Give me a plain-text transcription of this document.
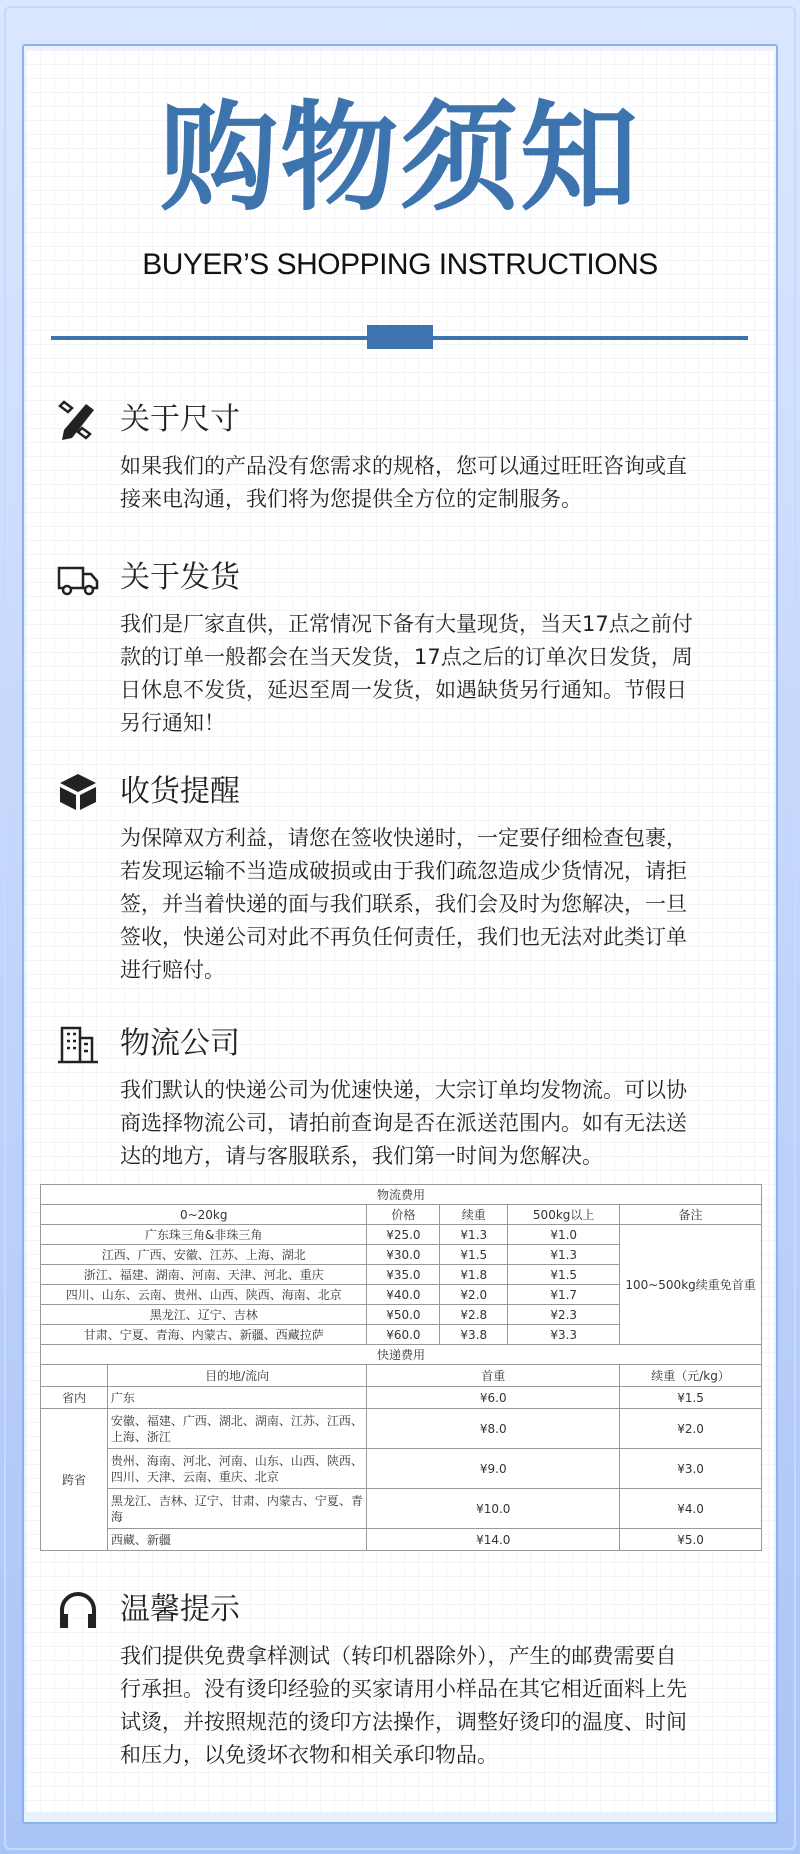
购物须知
BUYER’S SHOPPING INSTRUCTIONS
关于尺寸
如果我们的产品没有您需求的规格，您可以通过旺旺咨询或直
接来电沟通，我们将为您提供全方位的定制服务。
关于发货
我们是厂家直供，正常情况下备有大量现货，当天17点之前付
款的订单一般都会在当天发货，17点之后的订单次日发货，周
日休息不发货，延迟至周一发货，如遇缺货另行通知。节假日
另行通知！
收货提醒
为保障双方利益，请您在签收快递时，一定要仔细检查包裹，
若发现运输不当造成破损或由于我们疏忽造成少货情况，请拒
签，并当着快递的面与我们联系，我们会及时为您解决，一旦
签收，快递公司对此不再负任何责任，我们也无法对此类订单
进行赔付。
物流公司
我们默认的快递公司为优速快递，大宗订单均发物流。可以协
商选择物流公司，请拍前查询是否在派送范围内。如有无法送
达的地方，请与客服联系，我们第一时间为您解决。
物流费用					
0~20kg		价格	续重	500kg以上	备注
广东珠三角&非珠三角		¥25.0	¥1.3	¥1.0	100~500kg续重免首重
江西、广西、安徽、江苏、上海、湖北		¥30.0	¥1.5	¥1.3	
浙江、福建、湖南、河南、天津、河北、重庆		¥35.0	¥1.8	¥1.5	
四川、山东、云南、贵州、山西、陕西、海南、北京		¥40.0	¥2.0	¥1.7	
黑龙江、辽宁、吉林		¥50.0	¥2.8	¥2.3	
甘肃、宁夏、青海、内蒙古、新疆、西藏拉萨		¥60.0	¥3.8	¥3.3	
快递费用					
	目的地/流向	首重			续重（元/kg）
省内	广东	¥6.0			¥1.5
跨省	安徽、福建、广西、湖北、湖南、江苏、江西、上海、浙江	¥8.0			¥2.0
	贵州、海南、河北、河南、山东、山西、陕西、四川、天津、云南、重庆、北京	¥9.0			¥3.0
	黑龙江、吉林、辽宁、甘肃、内蒙古、宁夏、青海	¥10.0			¥4.0
	西藏、新疆	¥14.0			¥5.0
温馨提示
我们提供免费拿样测试（转印机器除外），产生的邮费需要自
行承担。没有烫印经验的买家请用小样品在其它相近面料上先
试烫，并按照规范的烫印方法操作，调整好烫印的温度、时间
和压力，以免烫坏衣物和相关承印物品。
